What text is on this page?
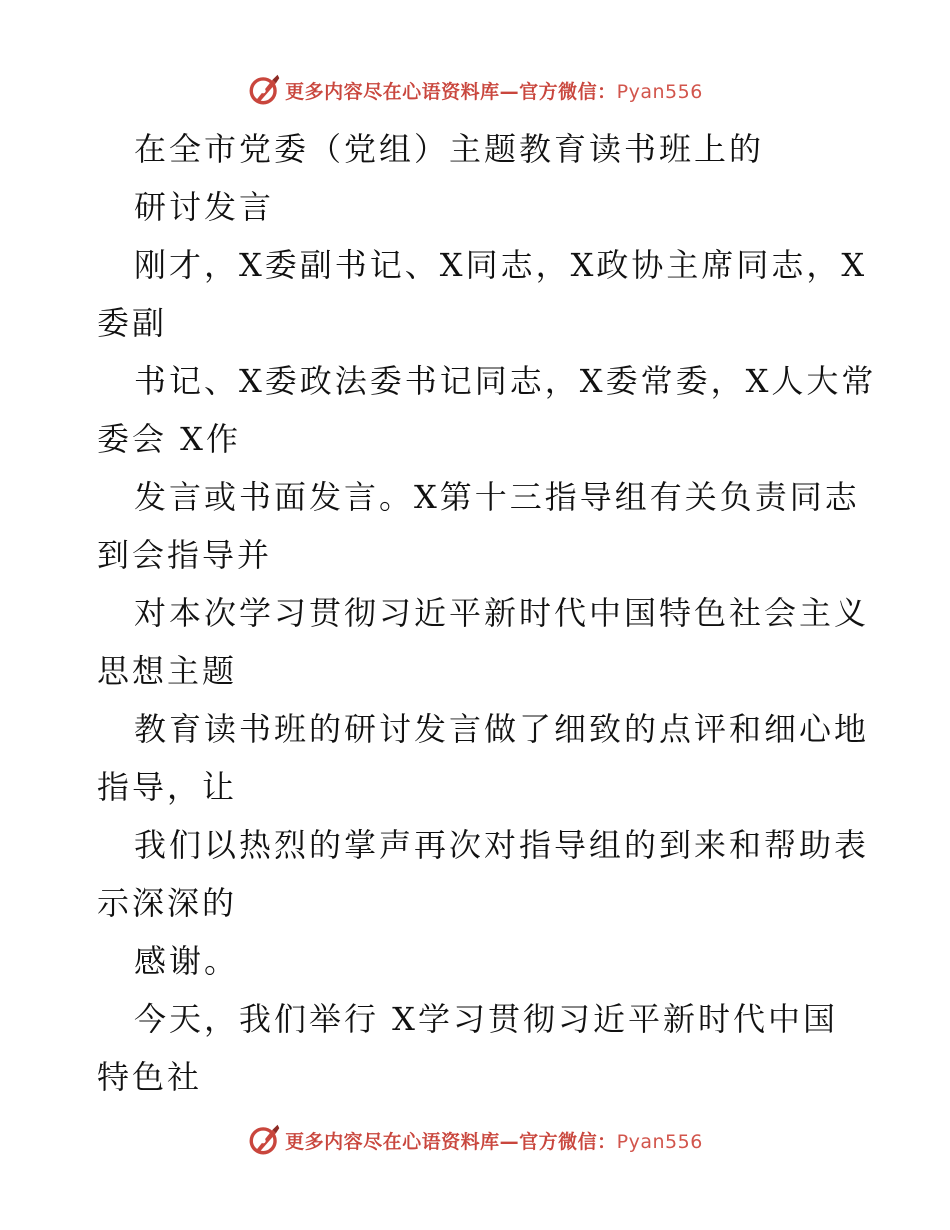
更多内容尽在心语资料库—官方微信：Pyan556
在全市党委（党组）主题教育读书班上的
研讨发言
刚才，X委副书记、X同志，X政协主席同志，X
委副
书记、X委政法委书记同志，X委常委，X人大常
委会 X作
发言或书面发言。X第十三指导组有关负责同志
到会指导并
对本次学习贯彻习近平新时代中国特色社会主义
思想主题
教育读书班的研讨发言做了细致的点评和细心地
指导，让
我们以热烈的掌声再次对指导组的到来和帮助表
示深深的
感谢。
今天，我们举行 X学习贯彻习近平新时代中国
特色社
更多内容尽在心语资料库—官方微信：Pyan556
